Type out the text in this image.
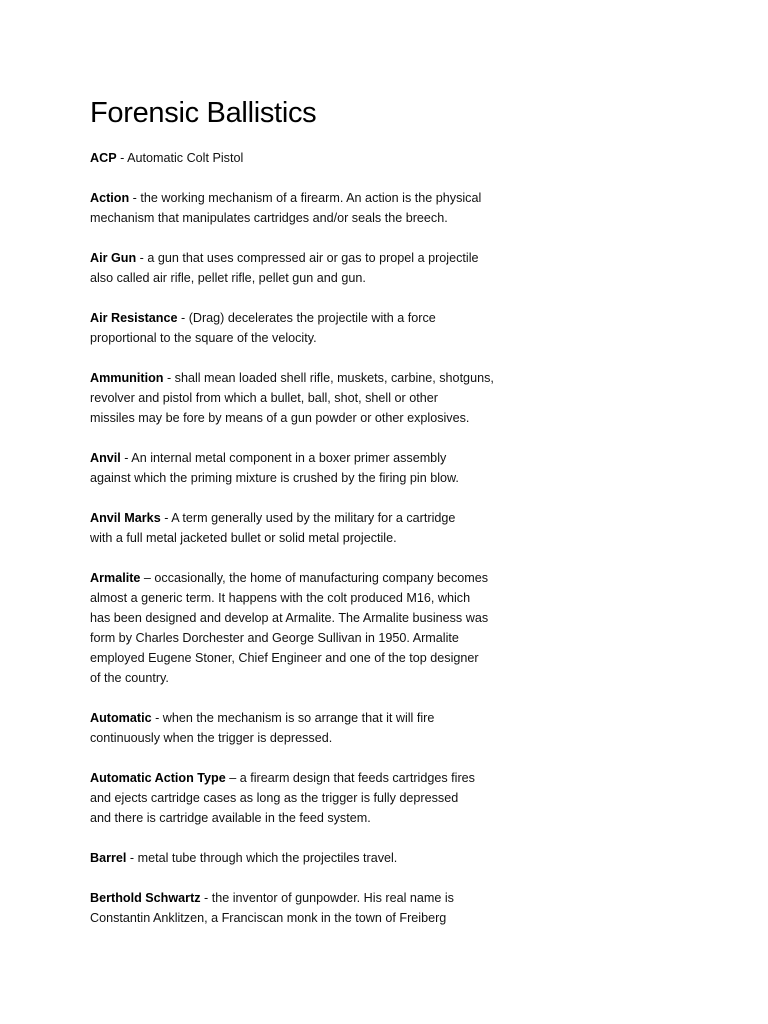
Forensic Ballistics

ACP - Automatic Colt Pistol

Action - the working mechanism of a firearm. An action is the physical
mechanism that manipulates cartridges and/or seals the breech.

Air Gun - a gun that uses compressed air or gas to propel a projectile
also called air rifle, pellet rifle, pellet gun and gun.

Air Resistance - (Drag) decelerates the projectile with a force
proportional to the square of the velocity.

Ammunition - shall mean loaded shell rifle, muskets, carbine, shotguns,
revolver and pistol from which a bullet, ball, shot, shell or other
missiles may be fore by means of a gun powder or other explosives.

Anvil - An internal metal component in a boxer primer assembly
against which the priming mixture is crushed by the firing pin blow.

Anvil Marks - A term generally used by the military for a cartridge
with a full metal jacketed bullet or solid metal projectile.

Armalite – occasionally, the home of manufacturing company becomes
almost a generic term. It happens with the colt produced M16, which
has been designed and develop at Armalite. The Armalite business was
form by Charles Dorchester and George Sullivan in 1950. Armalite
employed Eugene Stoner, Chief Engineer and one of the top designer
of the country.

Automatic - when the mechanism is so arrange that it will fire
continuously when the trigger is depressed.

Automatic Action Type – a firearm design that feeds cartridges fires
and ejects cartridge cases as long as the trigger is fully depressed
and there is cartridge available in the feed system.

Barrel - metal tube through which the projectiles travel.

Berthold Schwartz - the inventor of gunpowder. His real name is
Constantin Anklitzen, a Franciscan monk in the town of Freiberg
